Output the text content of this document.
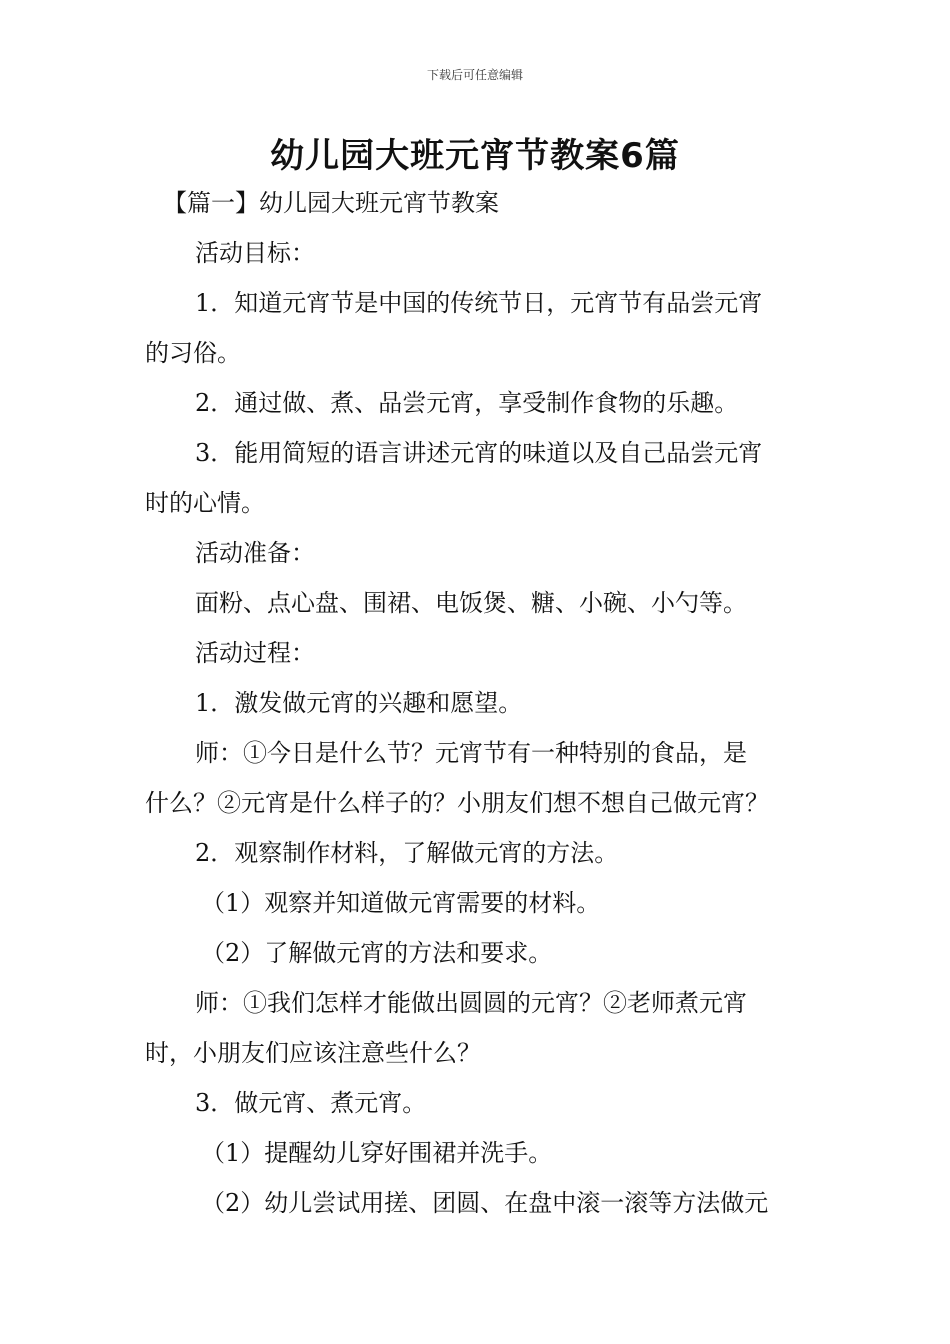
下载后可任意编辑
幼儿园大班元宵节教案6篇
【篇一】幼儿园大班元宵节教案
活动目标：
1．知道元宵节是中国的传统节日，元宵节有品尝元宵
的习俗。
2．通过做、煮、品尝元宵，享受制作食物的乐趣。
3．能用简短的语言讲述元宵的味道以及自己品尝元宵
时的心情。
活动准备：
面粉、点心盘、围裙、电饭煲、糖、小碗、小勺等。
活动过程：
1．激发做元宵的兴趣和愿望。
师：①今日是什么节？元宵节有一种特别的食品，是
什么？②元宵是什么样子的？小朋友们想不想自己做元宵？
2．观察制作材料，了解做元宵的方法。
（1）观察并知道做元宵需要的材料。
（2）了解做元宵的方法和要求。
师：①我们怎样才能做出圆圆的元宵？②老师煮元宵
时，小朋友们应该注意些什么？
3．做元宵、煮元宵。
（1）提醒幼儿穿好围裙并洗手。
（2）幼儿尝试用搓、团圆、在盘中滚一滚等方法做元
